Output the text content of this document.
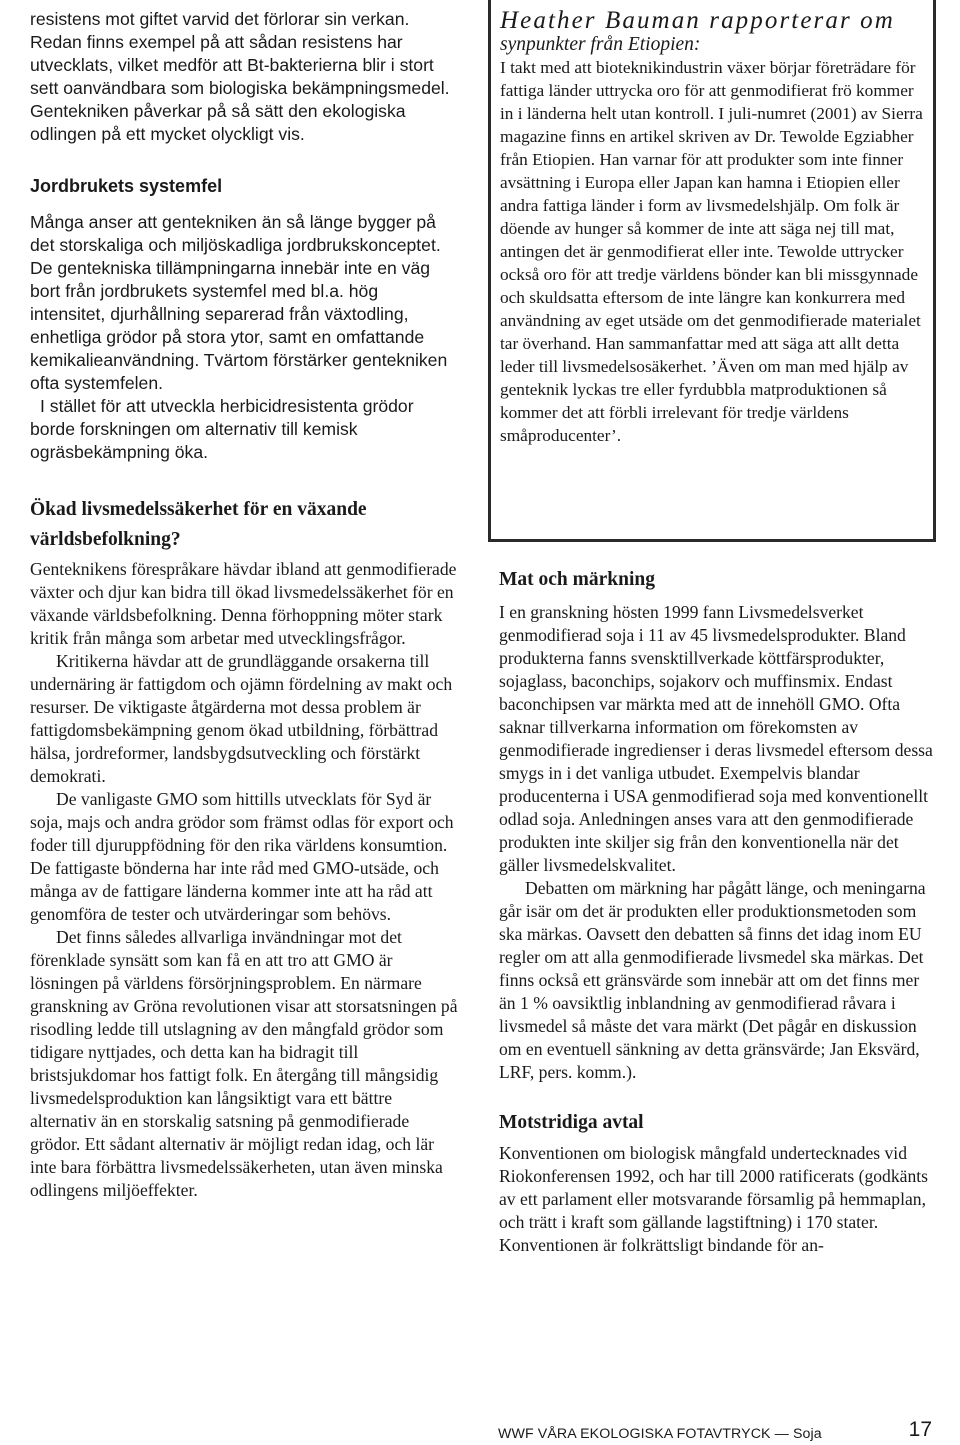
resistens mot giftet varvid det förlorar sin verkan. Redan finns exempel på att sådan resistens har utvecklats, vilket medför att Bt-bakterierna blir i stort sett oanvändbara som biologiska bekämpningsmedel. Gentekniken påverkar på så sätt den ekologiska odlingen på ett mycket olyckligt vis.

Jordbrukets systemfel

Många anser att gentekniken än så länge bygger på det storskaliga och miljöskadliga jordbrukskonceptet. De gentekniska tillämpningarna innebär inte en väg bort från jordbrukets systemfel med bl.a. hög intensitet, djurhållning separerad från växtodling, enhetliga grödor på stora ytor, samt en omfattande kemikalieanvändning. Tvärtom förstärker gentekniken ofta systemfelen.

I stället för att utveckla herbicidresistenta grödor borde forskningen om alternativ till kemisk ogräsbekämpning öka.

Ökad livsmedelssäkerhet för en växande världsbefolkning?

Genteknikens förespråkare hävdar ibland att genmodifierade växter och djur kan bidra till ökad livsmedelssäkerhet för en växande världsbefolkning. Denna förhoppning möter stark kritik från många som arbetar med utvecklingsfrågor.

Kritikerna hävdar att de grundläggande orsakerna till undernäring är fattigdom och ojämn fördelning av makt och resurser. De viktigaste åtgärderna mot dessa problem är fattigdomsbekämpning genom ökad utbildning, förbättrad hälsa, jordreformer, landsbygdsutveckling och förstärkt demokrati.

De vanligaste GMO som hittills utvecklats för Syd är soja, majs och andra grödor som främst odlas för export och foder till djuruppfödning för den rika världens konsumtion. De fattigaste bönderna har inte råd med GMO-utsäde, och många av de fattigare länderna kommer inte att ha råd att genomföra de tester och utvärderingar som behövs.

Det finns således allvarliga invändningar mot det förenklade synsätt som kan få en att tro att GMO är lösningen på världens försörjningsproblem. En närmare granskning av Gröna revolutionen visar att storsatsningen på risodling ledde till utslagning av den mångfald grödor som tidigare nyttjades, och detta kan ha bidragit till bristsjukdomar hos fattigt folk. En återgång till mångsidig livsmedelsproduktion kan långsiktigt vara ett bättre alternativ än en storskalig satsning på genmodifierade grödor. Ett sådant alternativ är möjligt redan idag, och lär inte bara förbättra livsmedelssäkerheten, utan även minska odlingens miljöeffekter.

Heather Bauman rapporterar om
synpunkter från Etiopien:

I takt med att bioteknikindustrin växer börjar företrädare för fattiga länder uttrycka oro för att genmodifierat frö kommer in i länderna helt utan kontroll. I juli-numret (2001) av Sierra magazine finns en artikel skriven av Dr. Tewolde Egziabher från Etiopien. Han varnar för att produkter som inte finner avsättning i Europa eller Japan kan hamna i Etiopien eller andra fattiga länder i form av livsmedelshjälp. Om folk är döende av hunger så kommer de inte att säga nej till mat, antingen det är genmodifierat eller inte. Tewolde uttrycker också oro för att tredje världens bönder kan bli missgynnade och skuldsatta eftersom de inte längre kan konkurrera med användning av eget utsäde om det genmodifierade materialet tar överhand. Han sammanfattar med att säga att allt detta leder till livsmedelsosäkerhet. ’Även om man med hjälp av genteknik lyckas tre eller fyrdubbla matproduktionen så kommer det att förbli irrelevant för tredje världens småproducenter’.

Mat och märkning

I en granskning hösten 1999 fann Livsmedelsverket genmodifierad soja i 11 av 45 livsmedelsprodukter. Bland produkterna fanns svensktillverkade köttfärsprodukter, sojaglass, baconchips, sojakorv och muffinsmix. Endast baconchipsen var märkta med att de innehöll GMO. Ofta saknar tillverkarna information om förekomsten av genmodifierade ingredienser i deras livsmedel eftersom dessa smygs in i det vanliga utbudet. Exempelvis blandar producenterna i USA genmodifierad soja med konventionellt odlad soja. Anledningen anses vara att den genmodifierade produkten inte skiljer sig från den konventionella när det gäller livsmedelskvalitet.

Debatten om märkning har pågått länge, och meningarna går isär om det är produkten eller produktionsmetoden som ska märkas. Oavsett den debatten så finns det idag inom EU regler om att alla genmodifierade livsmedel ska märkas. Det finns också ett gränsvärde som innebär att om det finns mer än 1 % oavsiktlig inblandning av genmodifierad råvara i livsmedel så måste det vara märkt (Det pågår en diskussion om en eventuell sänkning av detta gränsvärde; Jan Eksvärd, LRF, pers. komm.).

Motstridiga avtal

Konventionen om biologisk mångfald undertecknades vid Riokonferensen 1992, och har till 2000 ratificerats (godkänts av ett parlament eller motsvarande församlig på hemmaplan, och trätt i kraft som gällande lagstiftning) i 170 stater.

Konventionen är folkrättsligt bindande för an-

WWF VÅRA EKOLOGISKA FOTAVTRYCK — Soja	17
